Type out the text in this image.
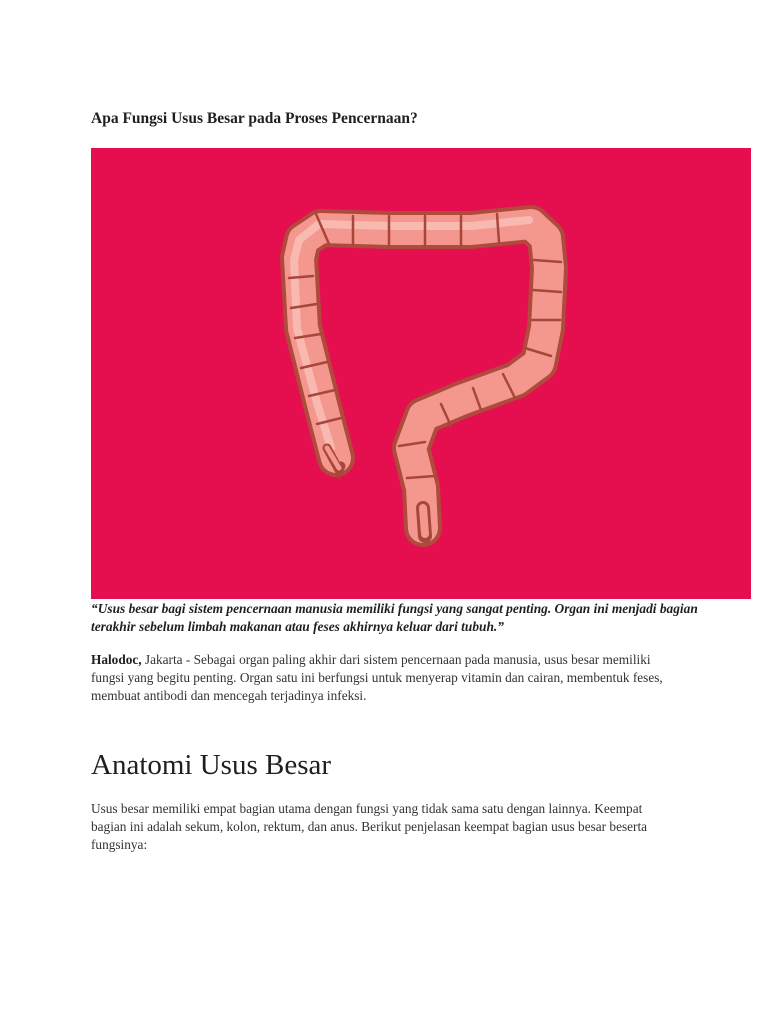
Apa Fungsi Usus Besar pada Proses Pencernaan?

“Usus besar bagi sistem pencernaan manusia memiliki fungsi yang sangat penting. Organ ini menjadi bagian terakhir sebelum limbah makanan atau feses akhirnya keluar dari tubuh.”

Halodoc, Jakarta - Sebagai organ paling akhir dari sistem pencernaan pada manusia, usus besar memiliki fungsi yang begitu penting. Organ satu ini berfungsi untuk menyerap vitamin dan cairan, membentuk feses, membuat antibodi dan mencegah terjadinya infeksi.

Anatomi Usus Besar

Usus besar memiliki empat bagian utama dengan fungsi yang tidak sama satu dengan lainnya. Keempat bagian ini adalah sekum, kolon, rektum, dan anus. Berikut penjelasan keempat bagian usus besar beserta fungsinya:
